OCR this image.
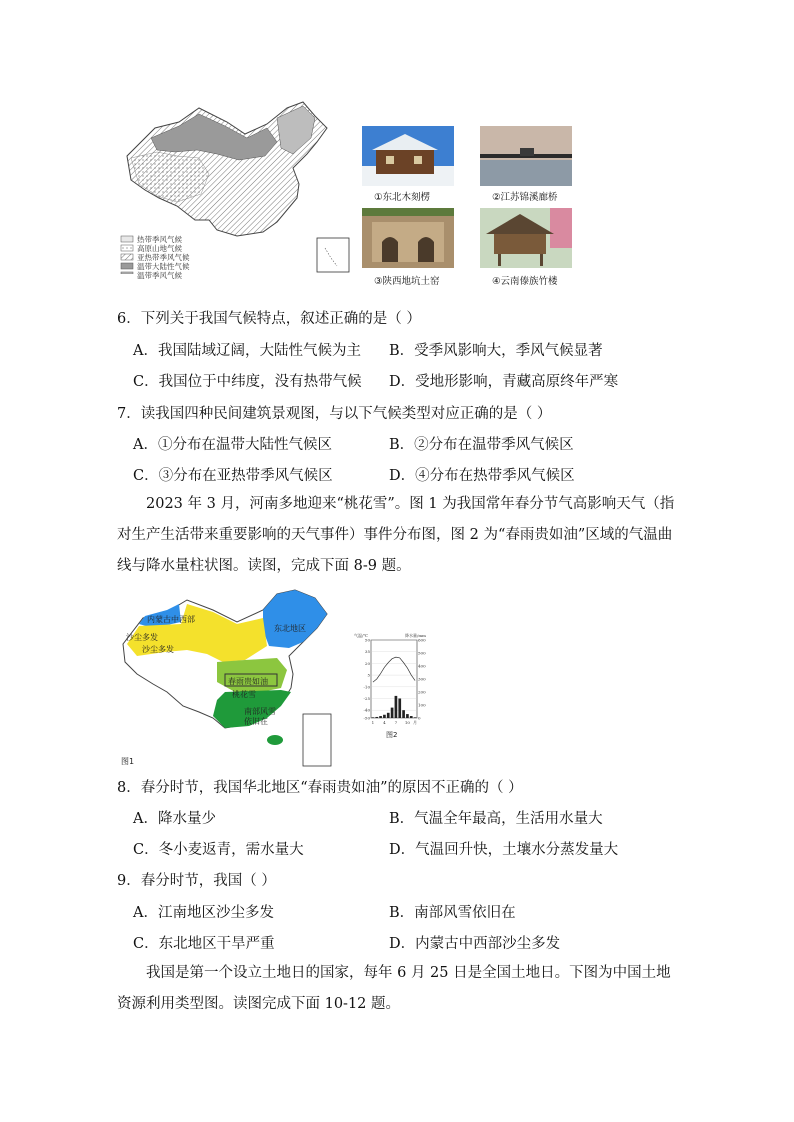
热带季风气候
高原山地气候
亚热带季风气候
温带大陆性气候
温带季风气候
①东北木刻楞	②江苏锦溪廊桥
③陕西地坑土窑	④云南傣族竹楼
6．下列关于我国气候特点，叙述正确的是（ ）
A．我国陆域辽阔，大陆性气候为主 B．受季风影响大，季风气候显著
C．我国位于中纬度，没有热带气候 D．受地形影响，青藏高原终年严寒
7．读我国四种民间建筑景观图，与以下气候类型对应正确的是（ ）
A．①分布在温带大陆性气候区	B．②分布在温带季风气候区
C．③分布在亚热带季风气候区	D．④分布在热带季风气候区
2023 年 3 月，河南多地迎来“桃花雪”。图 1 为我国常年春分节气高影响天气（指对生产生活带来重要影响的天气事件）事件分布图，图 2 为“春雨贵如油”区域的气温曲线与降水量柱状图。读图，完成下面 8-9 题。
内蒙古中西部
沙尘多发
沙尘多发
东北地区
春雨贵如油
桃花雪
南部风雪
依旧在
图1
气温/℃	降水量/mm
50
35
20
5
-10
-25
-40
-50
600
500
400
300
200
100
0
1 4 7 10 月
图2
8．春分时节，我国华北地区“春雨贵如油”的原因不正确的（ ）
A．降水量少	B．气温全年最高，生活用水量大
C．冬小麦返青，需水量大	D．气温回升快，土壤水分蒸发量大
9．春分时节，我国（ ）
A．江南地区沙尘多发	B．南部风雪依旧在
C．东北地区干旱严重	D．内蒙古中西部沙尘多发
我国是第一个设立土地日的国家，每年 6 月 25 日是全国土地日。下图为中国土地资源利用类型图。读图完成下面 10-12 题。
